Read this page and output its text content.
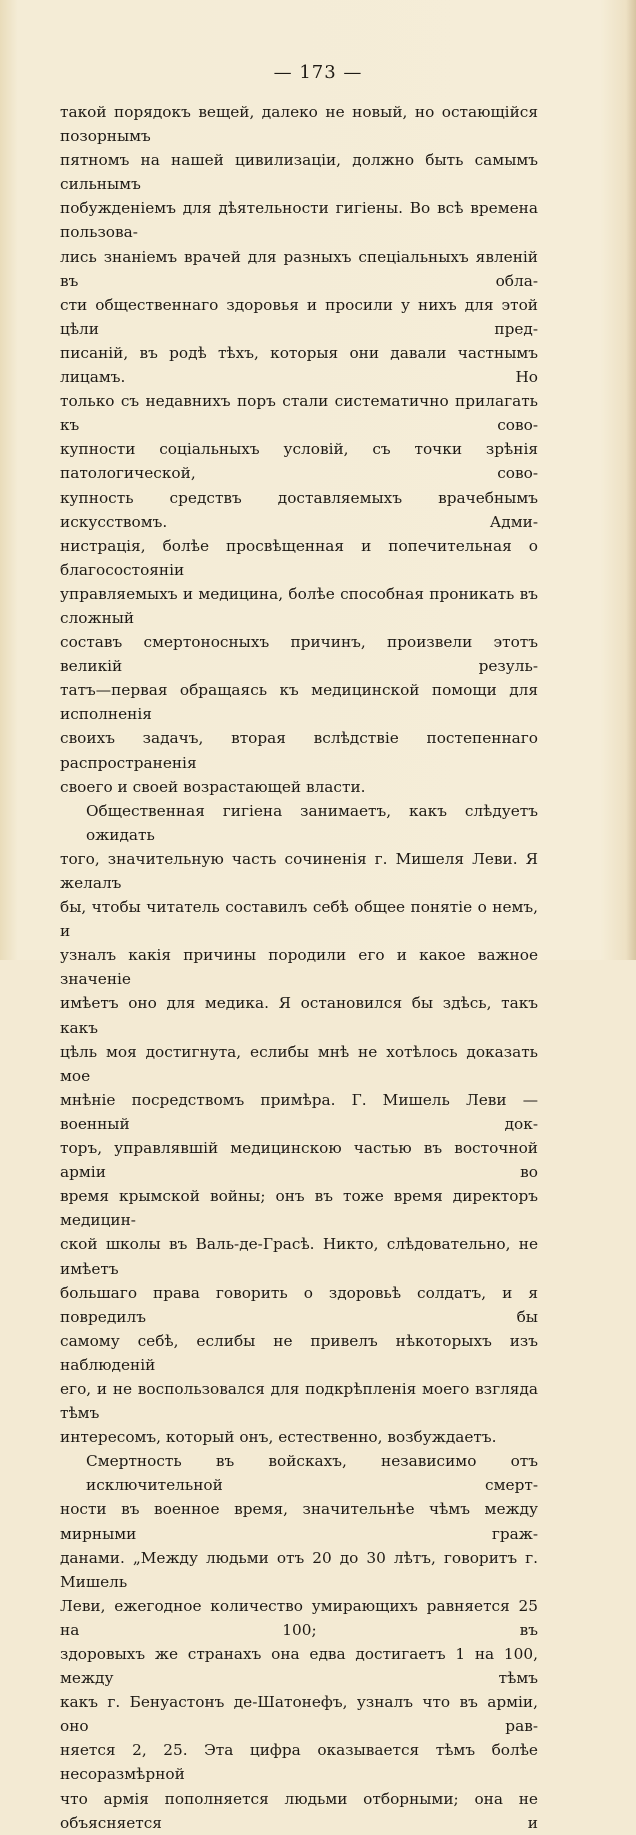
— 173 —

такой порядокъ вещей, далеко не новый, но остающійся позорнымъ

пятномъ на нашей цивилизаціи, должно быть самымъ сильнымъ

побужденіемъ для дѣятельности гигіены. Во всѣ времена пользова-

лись знаніемъ врачей для разныхъ спеціальныхъ явленій въ обла-

сти общественнаго здоровья и просили у нихъ для этой цѣли пред-

писаній, въ родѣ тѣхъ, которыя они давали частнымъ лицамъ. Но

только съ недавнихъ поръ стали систематично прилагать къ сово-

купности соціальныхъ условій, съ точки зрѣнія патологической, сово-

купность средствъ доставляемыхъ врачебнымъ искусствомъ. Адми-

нистрація, болѣе просвѣщенная и попечительная о благосостояніи

управляемыхъ и медицина, болѣе способная проникать въ сложный

составъ смертоносныхъ причинъ, произвели этотъ великій резуль-

татъ—первая обращаясь къ медицинской помощи для исполненія

своихъ задачъ, вторая вслѣдствіе постепеннаго распространенія

своего и своей возрастающей власти.

Общественная гигіена занимаетъ, какъ слѣдуетъ ожидать

того, значительную часть сочиненія г. Мишеля Леви. Я желалъ

бы, чтобы читатель составилъ себѣ общее понятіе о немъ, и

узналъ какія причины породили его и какое важное значеніе

имѣетъ оно для медика. Я остановился бы здѣсь, такъ какъ

цѣль моя достигнута, еслибы мнѣ не хотѣлось доказать мое

мнѣніе посредствомъ примѣра. Г. Мишель Леви — военный док-

торъ, управлявшій медицинскою частью въ восточной арміи во

время крымской войны; онъ въ тоже время директоръ медицин-

ской школы въ Валь-де-Грасѣ. Никто, слѣдовательно, не имѣетъ

большаго права говорить о здоровьѣ солдатъ, и я повредилъ бы

самому себѣ, еслибы не привелъ нѣкоторыхъ изъ наблюденій

его, и не воспользовался для подкрѣпленія моего взгляда тѣмъ

интересомъ, который онъ, естественно, возбуждаетъ.

Смертность въ войскахъ, независимо отъ исключительной смерт-

ности въ военное время, значительнѣе чѣмъ между мирными граж-

данами. „Между людьми отъ 20 до 30 лѣтъ, говоритъ г. Мишель

Леви, ежегодное количество умирающихъ равняется 25 на 100; въ

здоровыхъ же странахъ она едва достигаетъ 1 на 100, между тѣмъ

какъ г. Бенуастонъ де-Шатонефъ, узналъ что въ арміи, оно рав-

няется 2, 25. Эта цифра оказывается тѣмъ болѣе несоразмѣрной

что армія пополняется людьми отборными; она не объясняется и
